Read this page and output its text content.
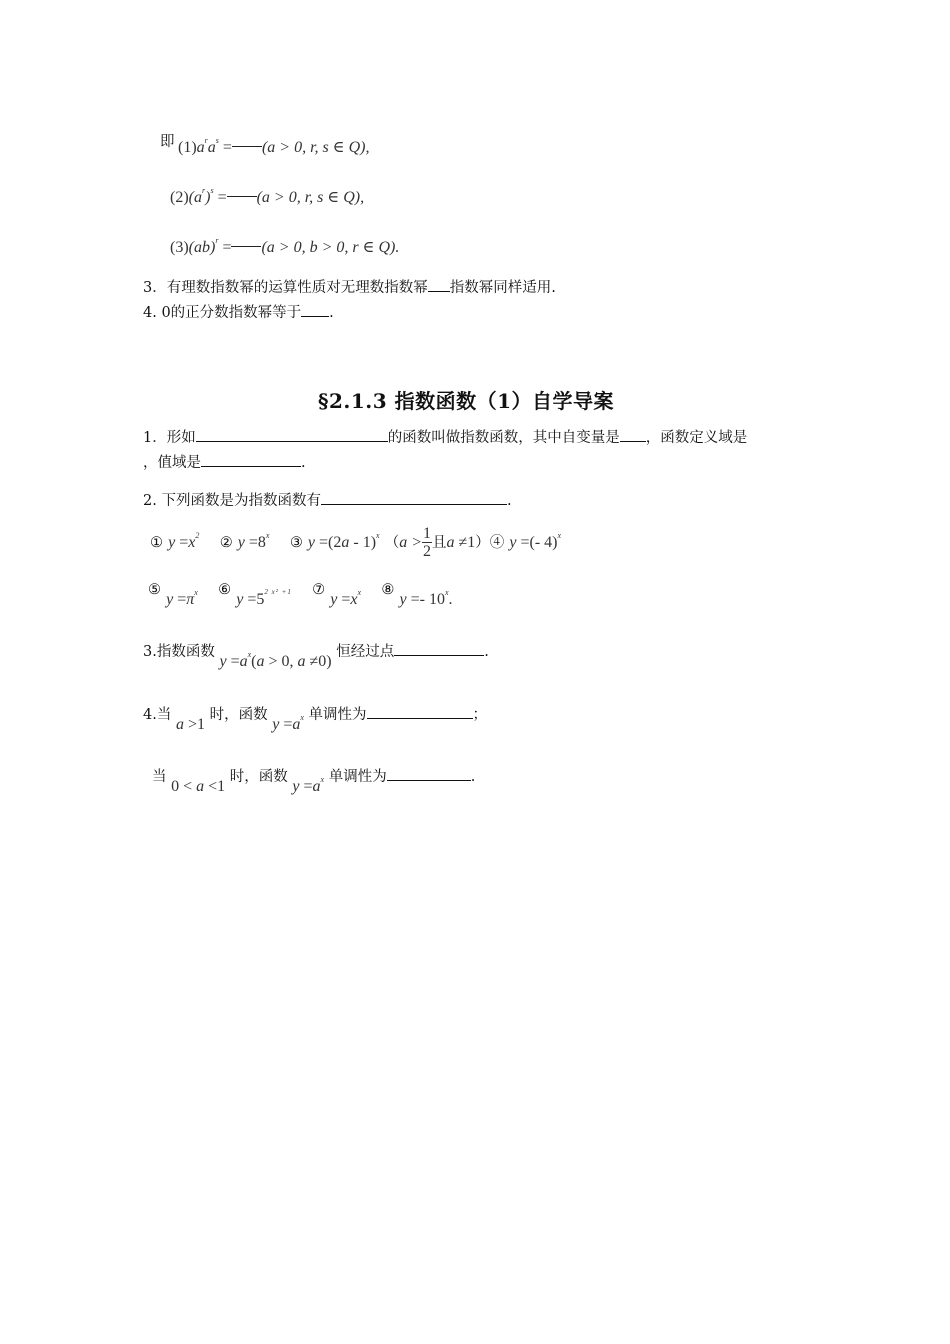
即 $(1)a^ra^s = (a > 0$, r, s ∈ Q),
$(2)(a^r)^s = (a > 0$, r, s ∈ Q),
(3)(ab)$^r$ = (a > 0, b > 0, r ∈ Q).
3．有理数指数幂的运算性质对无理数指数幂 指数幂同样适用.
4. 0的正分数指数幂等于 .
§2.1.3 指数函数（1）自学导案
1．形如	的函数叫做指数函数，其中自变量是 ，函数定义域是
，值域是	.
2. 下列函数是为指数函数有	.
① $y =x^2$ ② $y =8^x$ ③ y =(2a - 1)$^x$ （$a > \frac{1}{2}$ 且a ≠1）④ y =(- 4)$^x$
⑤ $y =\pi^x$ ⑥ $y =5^{2 x^2 +1}$ ⑦ $y =x^x$ ⑧ y =- 10$^x$.
3.指数函数 $y =a^x(a > 0$, a ≠0) 恒经过点	.
4.当 a >1 时，函数 $y =a^x$ 单调性为	；
当 0 < a <1 时，函数 $y =a^x$ 单调性为	.
